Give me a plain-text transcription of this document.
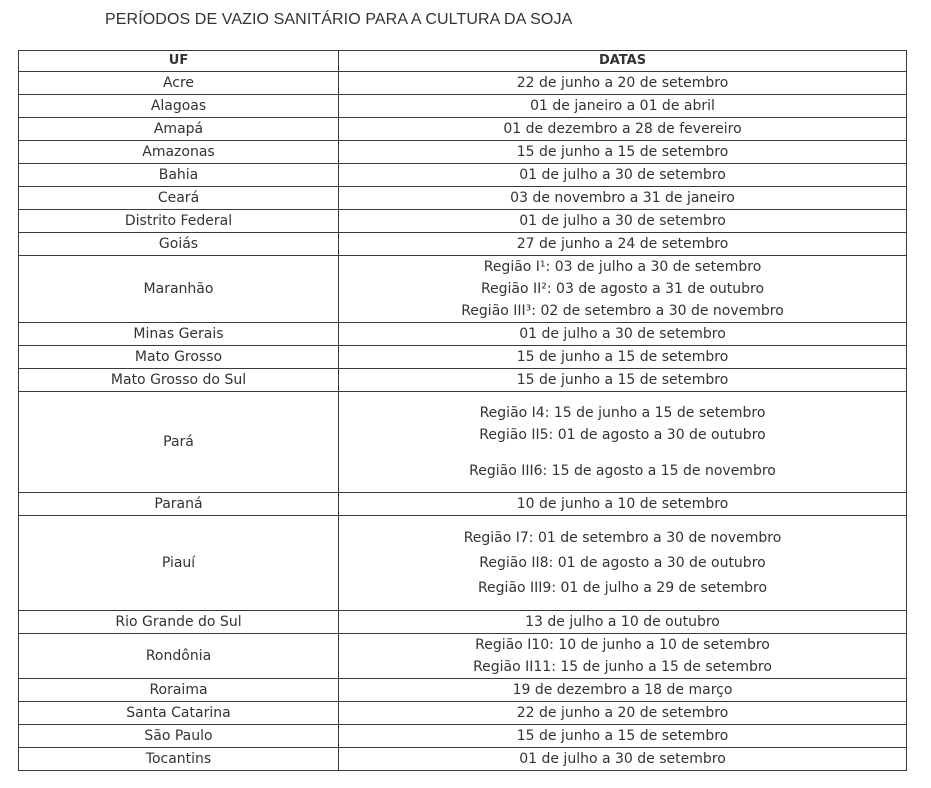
PERÍODOS DE VAZIO SANITÁRIO PARA A CULTURA DA SOJA
UF	DATAS
Acre	22 de junho a 20 de setembro
Alagoas	01 de janeiro a 01 de abril
Amapá	01 de dezembro a 28 de fevereiro
Amazonas	15 de junho a 15 de setembro
Bahia	01 de julho a 30 de setembro
Ceará	03 de novembro a 31 de janeiro
Distrito Federal	01 de julho a 30 de setembro
Goiás	27 de junho a 24 de setembro
Maranhão	Região I¹: 03 de julho a 30 de setembro
Região II²: 03 de agosto a 31 de outubro
Região III³: 02 de setembro a 30 de novembro

Minas Gerais	01 de julho a 30 de setembro
Mato Grosso	15 de junho a 15 de setembro
Mato Grosso do Sul	15 de junho a 15 de setembro
Pará	Região I4: 15 de junho a 15 de setembro
Região II5: 01 de agosto a 30 de outubro
Região III6: 15 de agosto a 15 de novembro

Paraná	10 de junho a 10 de setembro
Piauí	Região I7: 01 de setembro a 30 de novembro
Região II8: 01 de agosto a 30 de outubro
Região III9: 01 de julho a 29 de setembro

Rio Grande do Sul	13 de julho a 10 de outubro
Rondônia	Região I10: 10 de junho a 10 de setembro
Região II11: 15 de junho a 15 de setembro

Roraima	19 de dezembro a 18 de março
Santa Catarina	22 de junho a 20 de setembro
São Paulo	15 de junho a 15 de setembro
Tocantins	01 de julho a 30 de setembro
